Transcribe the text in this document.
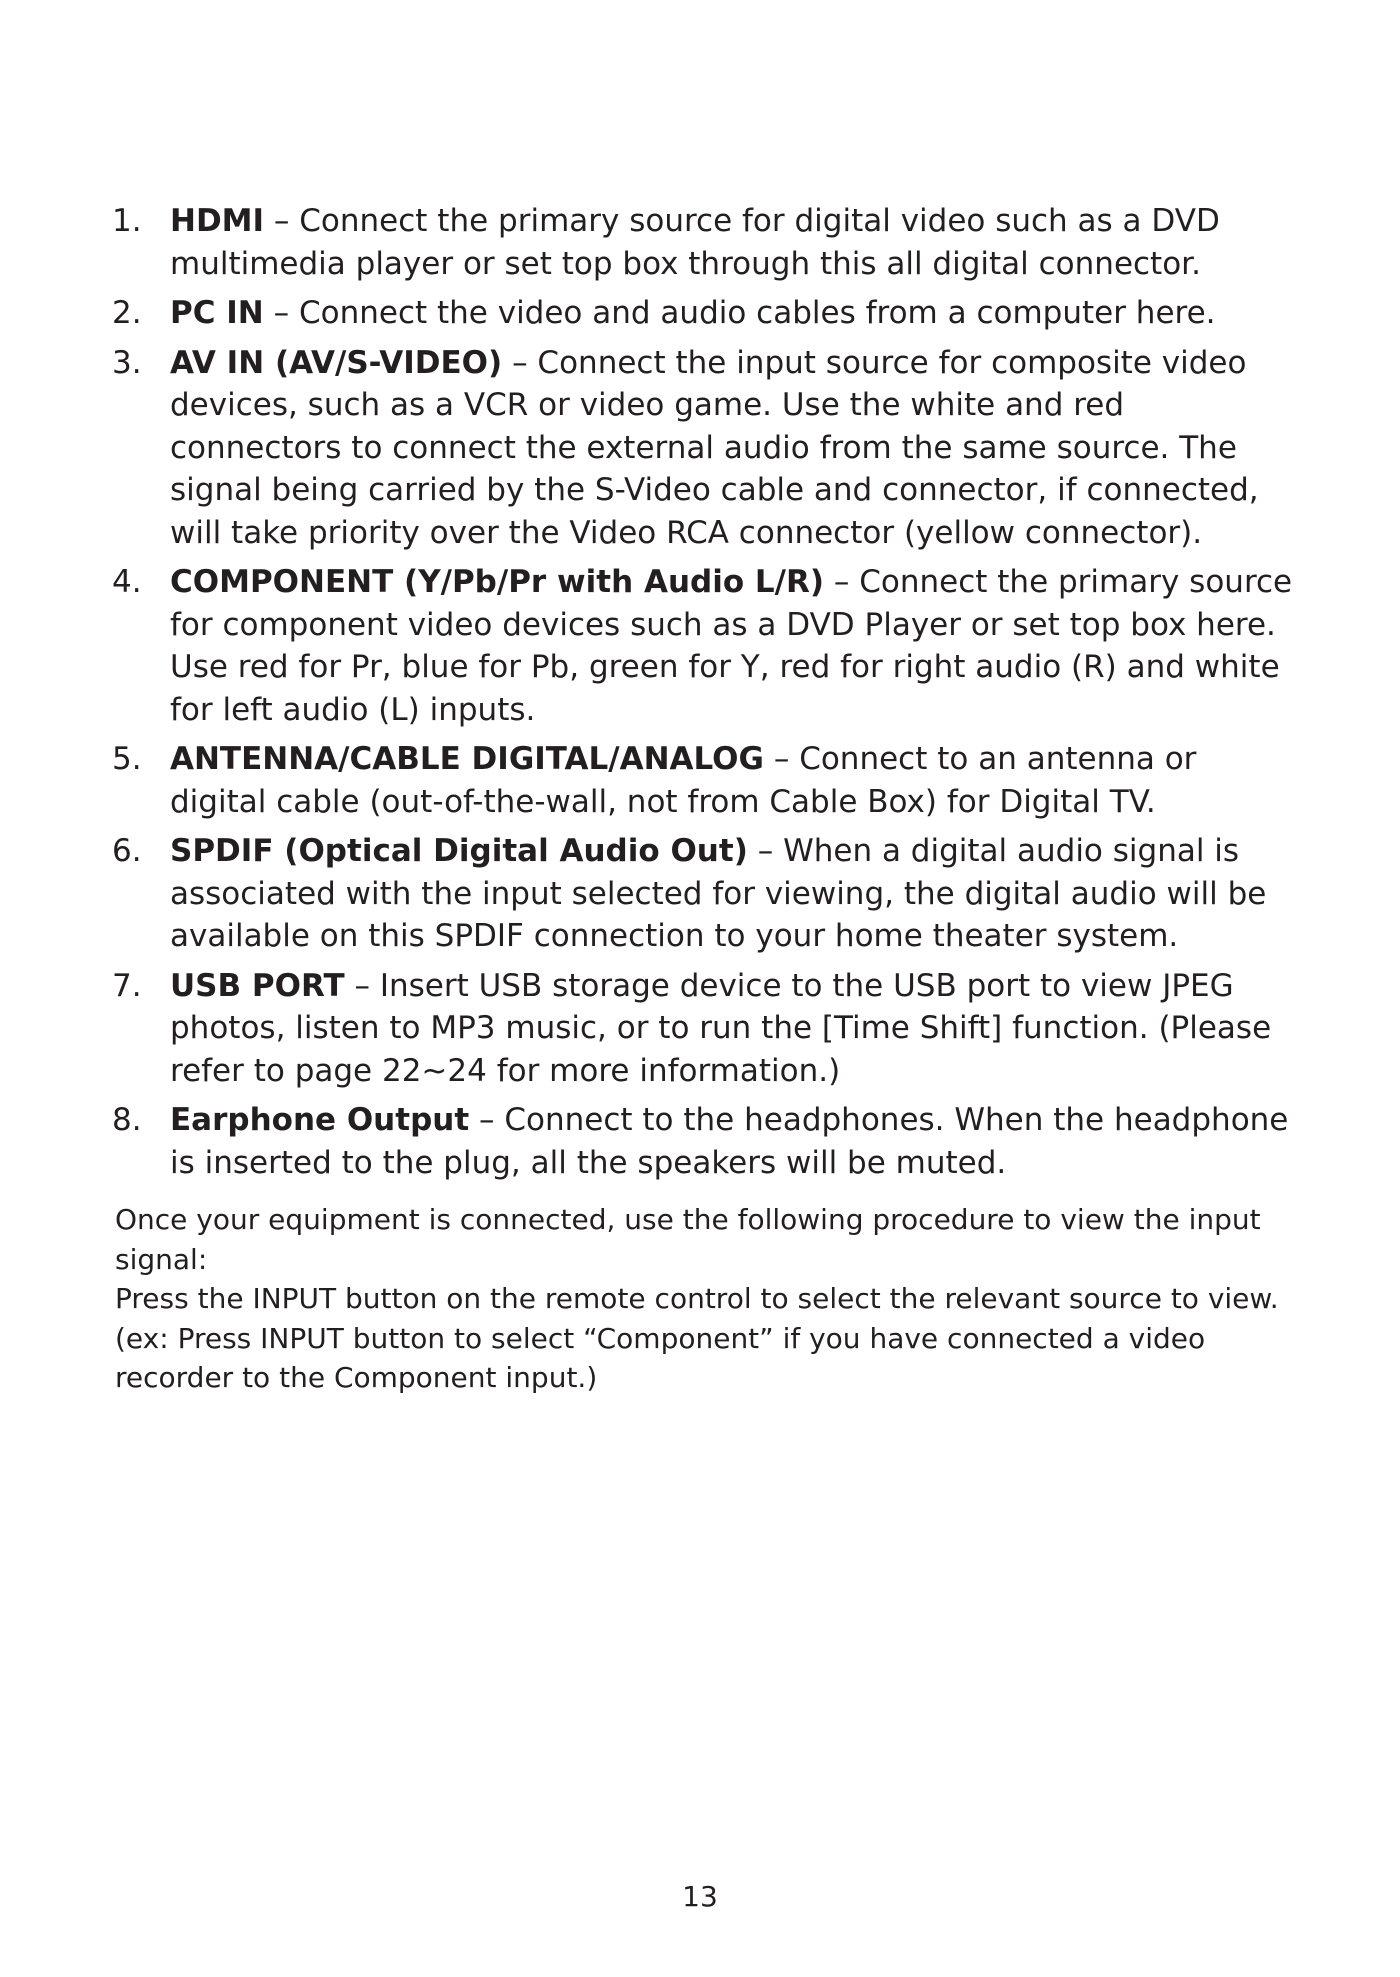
1. HDMI – Connect the primary source for digital video such as a DVD multimedia player or set top box through this all digital connector.
2. PC IN – Connect the video and audio cables from a computer here.
3. AV IN (AV/S-VIDEO) – Connect the input source for composite video devices, such as a VCR or video game. Use the white and red connectors to connect the external audio from the same source. The signal being carried by the S-Video cable and connector, if connected, will take priority over the Video RCA connector (yellow connector).
4. COMPONENT (Y/Pb/Pr with Audio L/R) – Connect the primary source for component video devices such as a DVD Player or set top box here. Use red for Pr, blue for Pb, green for Y, red for right audio (R) and white for left audio (L) inputs.
5. ANTENNA/CABLE DIGITAL/ANALOG – Connect to an antenna or digital cable (out-of-the-wall, not from Cable Box) for Digital TV.
6. SPDIF (Optical Digital Audio Out) – When a digital audio signal is associated with the input selected for viewing, the digital audio will be available on this SPDIF connection to your home theater system.
7. USB PORT – Insert USB storage device to the USB port to view JPEG photos, listen to MP3 music, or to run the [Time Shift] function. (Please refer to page 22~24 for more information.)
8. Earphone Output – Connect to the headphones. When the headphone is inserted to the plug, all the speakers will be muted.

Once your equipment is connected, use the following procedure to view the input signal:
Press the INPUT button on the remote control to select the relevant source to view.
(ex: Press INPUT button to select “Component” if you have connected a video recorder to the Component input.)

13
